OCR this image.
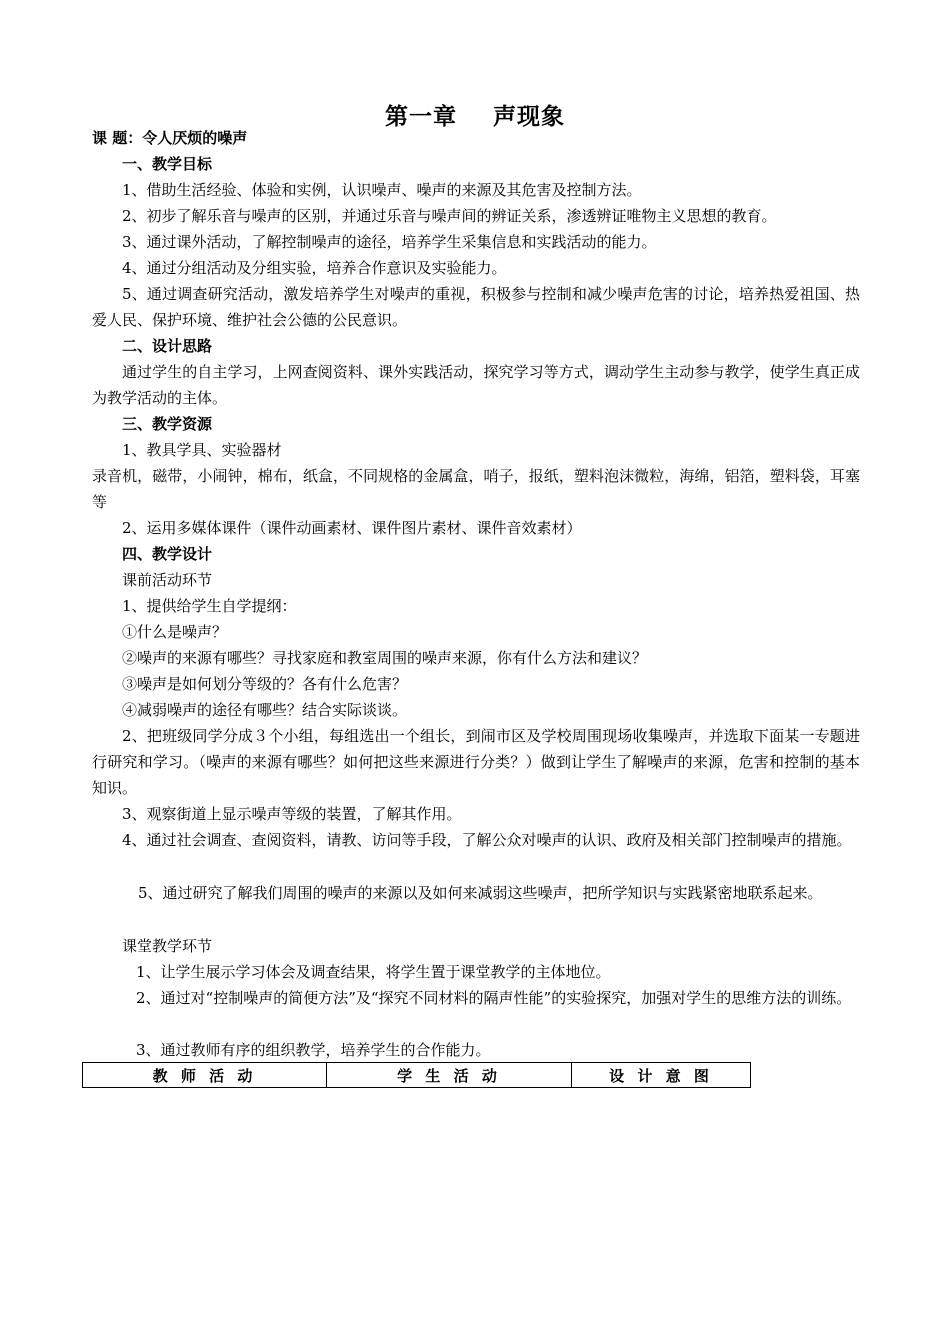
第一章    声现象
课 题：令人厌烦的噪声
一、教学目标
1、借助生活经验、体验和实例，认识噪声、噪声的来源及其危害及控制方法。
2、初步了解乐音与噪声的区别，并通过乐音与噪声间的辨证关系，渗透辨证唯物主义思想的教育。
3、通过课外活动，了解控制噪声的途径，培养学生采集信息和实践活动的能力。
4、通过分组活动及分组实验，培养合作意识及实验能力。
5、通过调查研究活动，激发培养学生对噪声的重视，积极参与控制和减少噪声危害的讨论，培养热爱祖国、热爱人民、保护环境、维护社会公德的公民意识。
二、设计思路
通过学生的自主学习，上网查阅资料、课外实践活动，探究学习等方式，调动学生主动参与教学，使学生真正成为教学活动的主体。
三、教学资源
1、教具学具、实验器材
录音机，磁带，小闹钟，棉布，纸盒，不同规格的金属盒，哨子，报纸，塑料泡沫微粒，海绵，铝箔，塑料袋，耳塞等
2、运用多媒体课件（课件动画素材、课件图片素材、课件音效素材）
四、教学设计
课前活动环节
1、提供给学生自学提纲：
①什么是噪声？
②噪声的来源有哪些？寻找家庭和教室周围的噪声来源，你有什么方法和建议？
③噪声是如何划分等级的？各有什么危害？
④减弱噪声的途径有哪些？结合实际谈谈。
2、把班级同学分成３个小组，每组选出一个组长，到闹市区及学校周围现场收集噪声，并选取下面某一专题进行研究和学习。（噪声的来源有哪些？如何把这些来源进行分类？）做到让学生了解噪声的来源，危害和控制的基本知识。
3、观察街道上显示噪声等级的装置，了解其作用。
4、通过社会调查、查阅资料，请教、访问等手段，了解公众对噪声的认识、政府及相关部门控制噪声的措施。
5、通过研究了解我们周围的噪声的来源以及如何来减弱这些噪声，把所学知识与实践紧密地联系起来。
课堂教学环节
1、让学生展示学习体会及调查结果，将学生置于课堂教学的主体地位。
2、通过对“控制噪声的简便方法”及“探究不同材料的隔声性能”的实验探究，加强对学生的思维方法的训练。
3、通过教师有序的组织教学，培养学生的合作能力。
教 师 活 动	学 生 活 动	设 计 意 图
